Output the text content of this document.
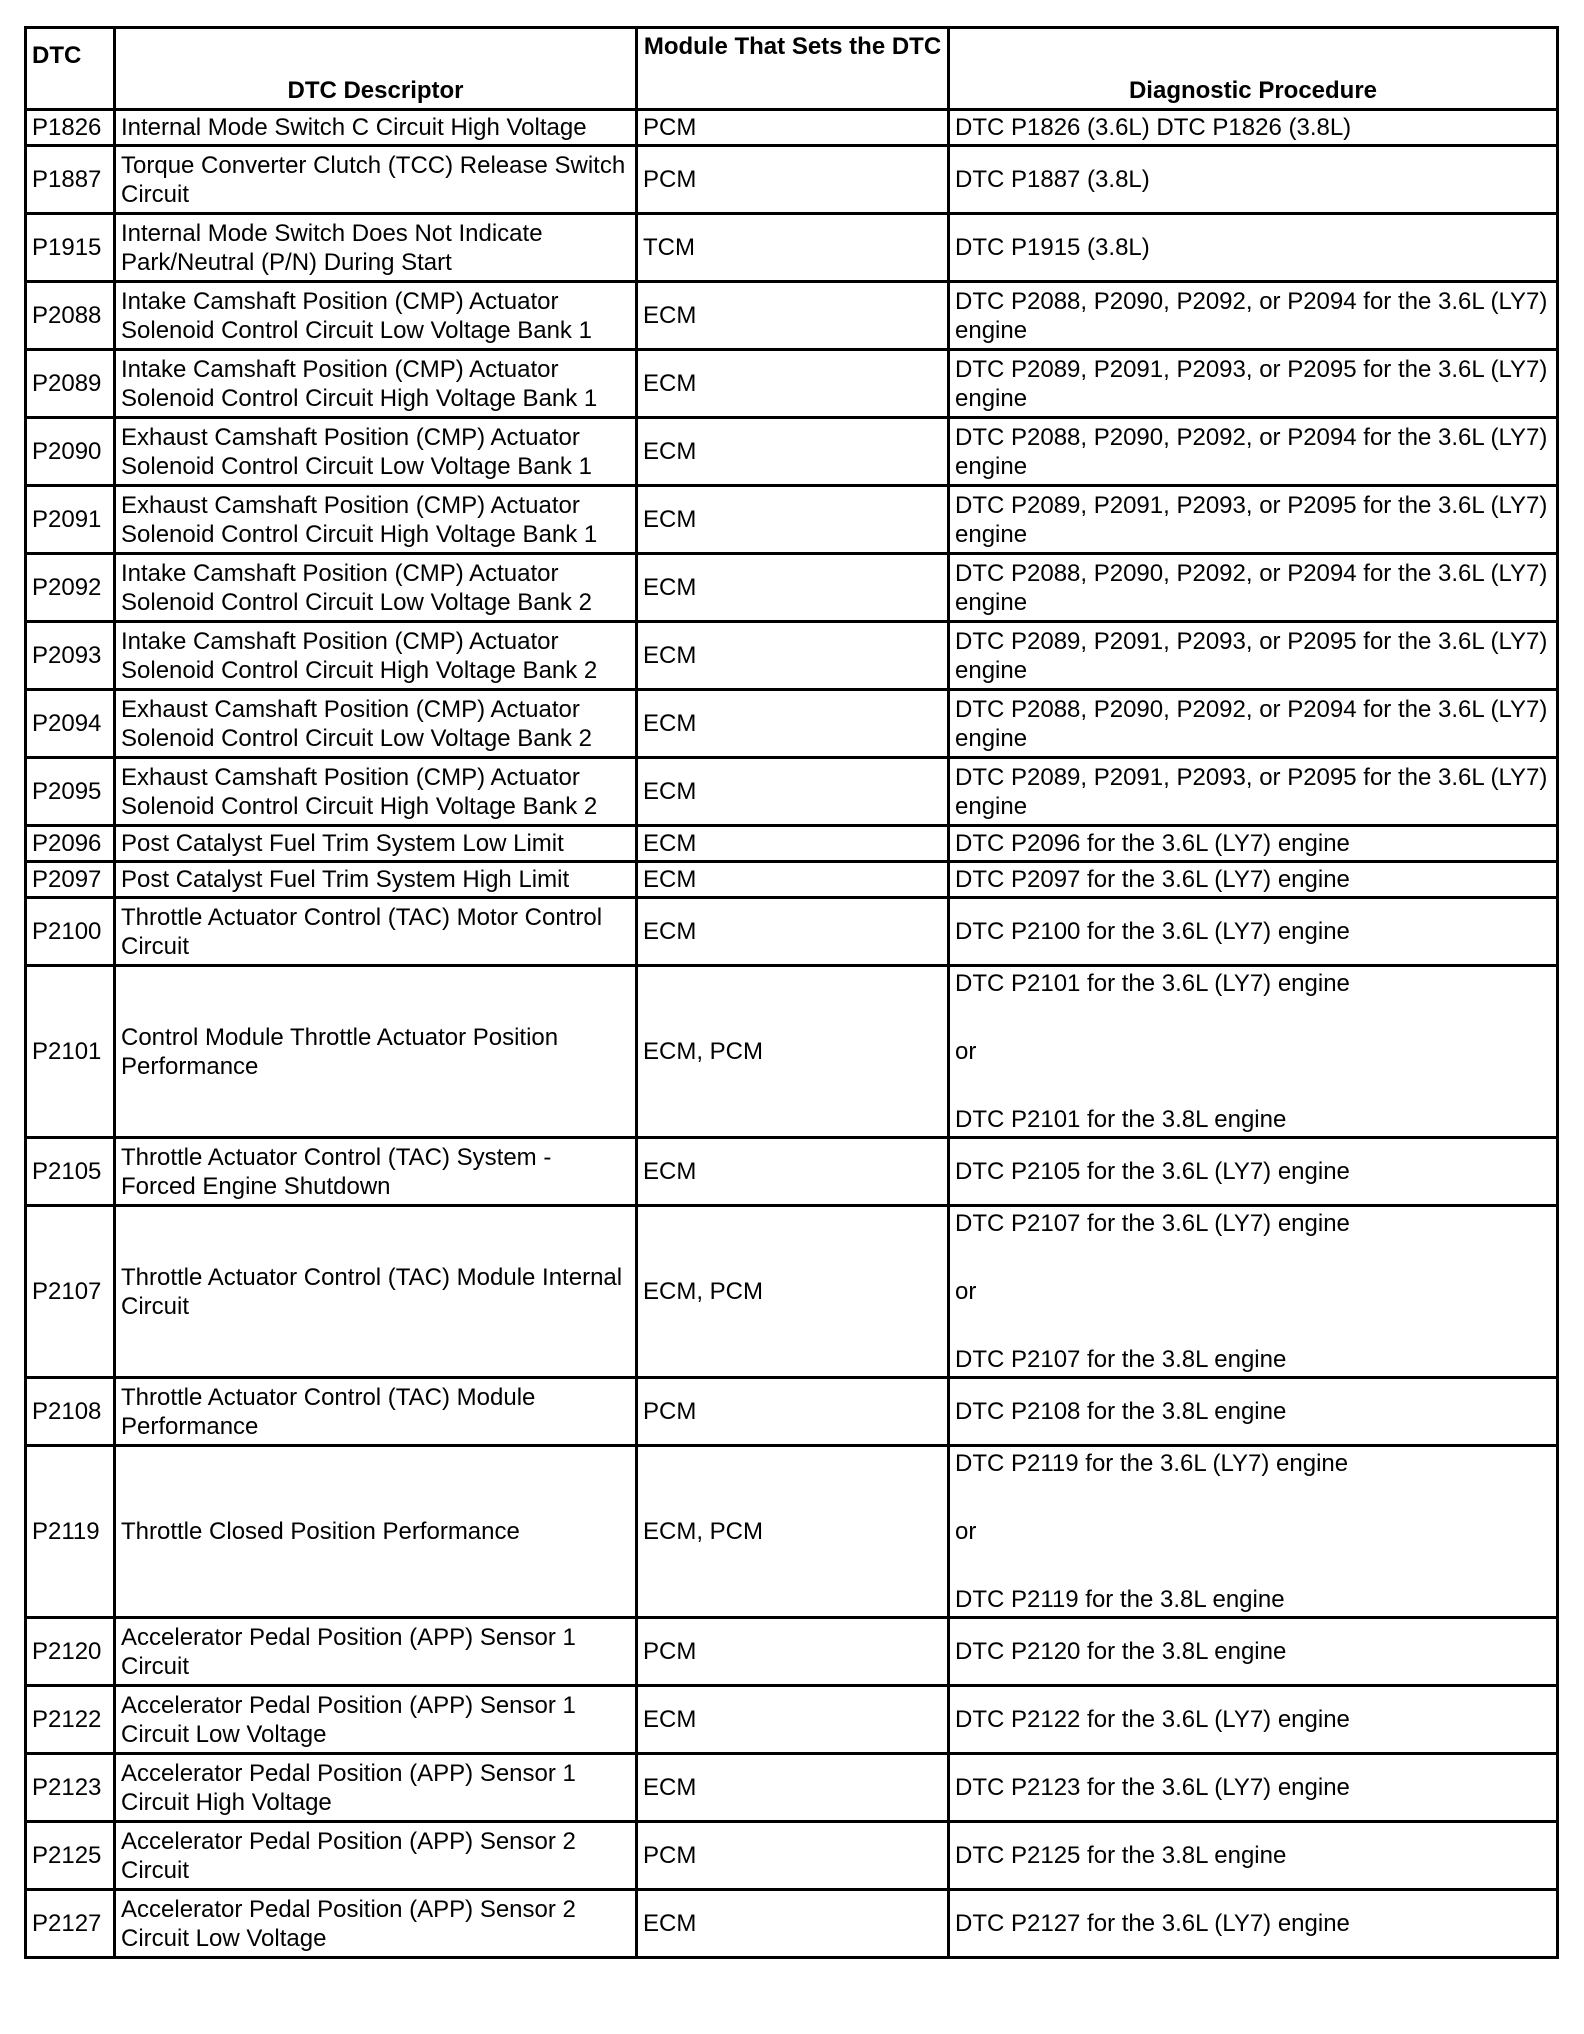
DTC	DTC Descriptor	Module That Sets the DTC	Diagnostic Procedure
P1826	Internal Mode Switch C Circuit High Voltage	PCM	DTC P1826 (3.6L) DTC P1826 (3.8L)
P1887	Torque Converter Clutch (TCC) Release Switch Circuit	PCM	DTC P1887 (3.8L)
P1915	Internal Mode Switch Does Not Indicate Park/Neutral (P/N) During Start	TCM	DTC P1915 (3.8L)
P2088	Intake Camshaft Position (CMP) Actuator Solenoid Control Circuit Low Voltage Bank 1	ECM	DTC P2088, P2090, P2092, or P2094 for the 3.6L (LY7) engine
P2089	Intake Camshaft Position (CMP) Actuator Solenoid Control Circuit High Voltage Bank 1	ECM	DTC P2089, P2091, P2093, or P2095 for the 3.6L (LY7) engine
P2090	Exhaust Camshaft Position (CMP) Actuator Solenoid Control Circuit Low Voltage Bank 1	ECM	DTC P2088, P2090, P2092, or P2094 for the 3.6L (LY7) engine
P2091	Exhaust Camshaft Position (CMP) Actuator Solenoid Control Circuit High Voltage Bank 1	ECM	DTC P2089, P2091, P2093, or P2095 for the 3.6L (LY7) engine
P2092	Intake Camshaft Position (CMP) Actuator Solenoid Control Circuit Low Voltage Bank 2	ECM	DTC P2088, P2090, P2092, or P2094 for the 3.6L (LY7) engine
P2093	Intake Camshaft Position (CMP) Actuator Solenoid Control Circuit High Voltage Bank 2	ECM	DTC P2089, P2091, P2093, or P2095 for the 3.6L (LY7) engine
P2094	Exhaust Camshaft Position (CMP) Actuator Solenoid Control Circuit Low Voltage Bank 2	ECM	DTC P2088, P2090, P2092, or P2094 for the 3.6L (LY7) engine
P2095	Exhaust Camshaft Position (CMP) Actuator Solenoid Control Circuit High Voltage Bank 2	ECM	DTC P2089, P2091, P2093, or P2095 for the 3.6L (LY7) engine
P2096	Post Catalyst Fuel Trim System Low Limit	ECM	DTC P2096 for the 3.6L (LY7) engine
P2097	Post Catalyst Fuel Trim System High Limit	ECM	DTC P2097 for the 3.6L (LY7) engine
P2100	Throttle Actuator Control (TAC) Motor Control Circuit	ECM	DTC P2100 for the 3.6L (LY7) engine
P2101	Control Module Throttle Actuator Position Performance	ECM, PCM	DTC P2101 for the 3.6L (LY7) engine
or
DTC P2101 for the 3.8L engine

P2105	Throttle Actuator Control (TAC) System - Forced Engine Shutdown	ECM	DTC P2105 for the 3.6L (LY7) engine
P2107	Throttle Actuator Control (TAC) Module Internal Circuit	ECM, PCM	DTC P2107 for the 3.6L (LY7) engine
or
DTC P2107 for the 3.8L engine

P2108	Throttle Actuator Control (TAC) Module Performance	PCM	DTC P2108 for the 3.8L engine
P2119	Throttle Closed Position Performance	ECM, PCM	DTC P2119 for the 3.6L (LY7) engine
or
DTC P2119 for the 3.8L engine

P2120	Accelerator Pedal Position (APP) Sensor 1 Circuit	PCM	DTC P2120 for the 3.8L engine
P2122	Accelerator Pedal Position (APP) Sensor 1 Circuit Low Voltage	ECM	DTC P2122 for the 3.6L (LY7) engine
P2123	Accelerator Pedal Position (APP) Sensor 1 Circuit High Voltage	ECM	DTC P2123 for the 3.6L (LY7) engine
P2125	Accelerator Pedal Position (APP) Sensor 2 Circuit	PCM	DTC P2125 for the 3.8L engine
P2127	Accelerator Pedal Position (APP) Sensor 2 Circuit Low Voltage	ECM	DTC P2127 for the 3.6L (LY7) engine
